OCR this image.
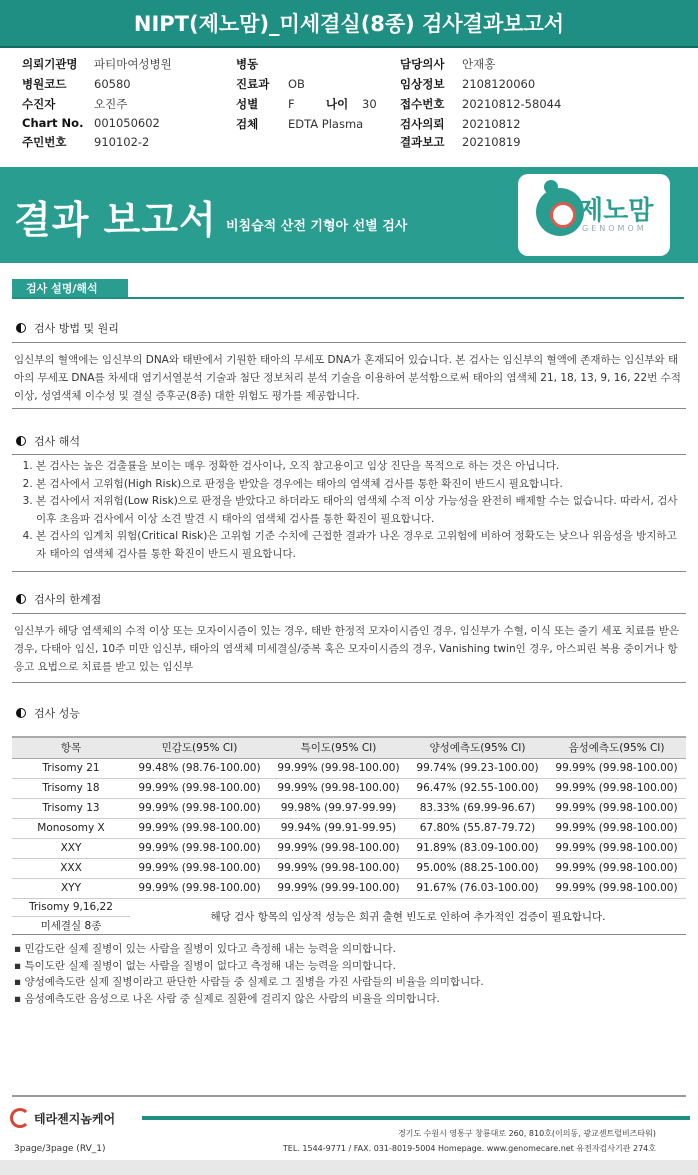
NIPT(제노맘)_미세결실(8종) 검사결과보고서
의뢰기관명 파티마여성병원
병원코드 60580
수진자	오진주
Chart No. 001050602
주민번호 910102-2
병동
진료과 OB
성별	F	나이 30
검체	EDTA Plasma
담당의사 안재홍
임상정보 2108120060
접수번호 20210812-58044
검사의뢰 20210812
결과보고 20210819
결과 보고서 비침습적 산전 기형아 선별 검사
제노맘
GENOMOM
검사 설명/해석
검사 방법 및 원리
임신부의 혈액에는 임신부의 DNA와 태반에서 기원한 태아의 무세포 DNA가 혼재되어 있습니다. 본 검사는 임신부의 혈액에 존재하는 임신부와 태아의 무세포 DNA를 차세대 염기서열분석 기술과 첨단 정보처리 분석 기술을 이용하여 분석함으로써 태아의 염색체 21, 18, 13, 9, 16, 22번 수적 이상, 성염색체 이수성 및 결실 증후군(8종) 대한 위험도 평가를 제공합니다.
검사 해석
1. 본 검사는 높은 검출률을 보이는 매우 정확한 검사이나, 오직 참고용이고 임상 진단을 목적으로 하는 것은 아닙니다.
2. 본 검사에서 고위험(High Risk)으로 판정을 받았을 경우에는 태아의 염색체 검사를 통한 확진이 반드시 필요합니다.
3. 본 검사에서 저위험(Low Risk)으로 판정을 받았다고 하더라도 태아의 염색체 수적 이상 가능성을 완전히 배제할 수는 없습니다. 따라서, 검사 이후 초음파 검사에서 이상 소견 발견 시 태아의 염색체 검사를 통한 확진이 필요합니다.
4. 본 검사의 임계치 위험(Critical Risk)은 고위험 기준 수치에 근접한 결과가 나온 경우로 고위험에 비하여 정확도는 낮으나 위음성을 방지하고자 태아의 염색체 검사를 통한 확진이 반드시 필요합니다.
검사의 한계점
임신부가 해당 염색체의 수적 이상 또는 모자이시즘이 있는 경우, 태반 한정적 모자이시즘인 경우, 임신부가 수혈, 이식 또는 줄기 세포 치료를 받은 경우, 다태아 임신, 10주 미만 임신부, 태아의 염색체 미세결실/중복 혹은 모자이시즘의 경우, Vanishing twin인 경우, 아스피린 복용 중이거나 항 응고 요법으로 치료를 받고 있는 임신부
검사 성능
항목	민감도(95% CI)	특이도(95% CI)	양성예측도(95% CI)	음성예측도(95% CI)
Trisomy 21	99.48% (98.76-100.00)	99.99% (99.98-100.00)	99.74% (99.23-100.00)	99.99% (99.98-100.00)
Trisomy 18	99.99% (99.98-100.00)	99.99% (99.98-100.00)	96.47% (92.55-100.00)	99.99% (99.98-100.00)
Trisomy 13	99.99% (99.98-100.00)	99.98% (99.97-99.99)	83.33% (69.99-96.67)	99.99% (99.98-100.00)
Monosomy X	99.99% (99.98-100.00)	99.94% (99.91-99.95)	67.80% (55.87-79.72)	99.99% (99.98-100.00)
XXY	99.99% (99.98-100.00)	99.99% (99.98-100.00)	91.89% (83.09-100.00)	99.99% (99.98-100.00)
XXX	99.99% (99.98-100.00)	99.99% (99.98-100.00)	95.00% (88.25-100.00)	99.99% (99.98-100.00)
XYY	99.99% (99.98-100.00)	99.99% (99.99-100.00)	91.67% (76.03-100.00)	99.99% (99.98-100.00)
Trisomy 9,16,22	해당 검사 항목의 임상적 성능은 희귀 출현 빈도로 인하여 추가적인 검증이 필요합니다.			
미세결실 8종				
▪ 민감도란 실제 질병이 있는 사람을 질병이 있다고 측정해 내는 능력을 의미합니다.
▪ 특이도란 실제 질병이 없는 사람을 질병이 없다고 측정해 내는 능력을 의미합니다.
▪ 양성예측도란 실제 질병이라고 판단한 사람들 중 실제로 그 질병을 가진 사람들의 비율을 의미합니다.
▪ 음성예측도란 음성으로 나온 사람 중 실제로 질환에 걸리지 않은 사람의 비율을 의미합니다.
테라젠지놈케어
경기도 수원시 영통구 창룡대로 260, 810호(이의동, 광교센트럴비즈타워)
TEL. 1544-9771 / FAX. 031-8019-5004 Homepage. www.genomecare.net 유전자검사기관 274호
3page/3page (RV_1)
